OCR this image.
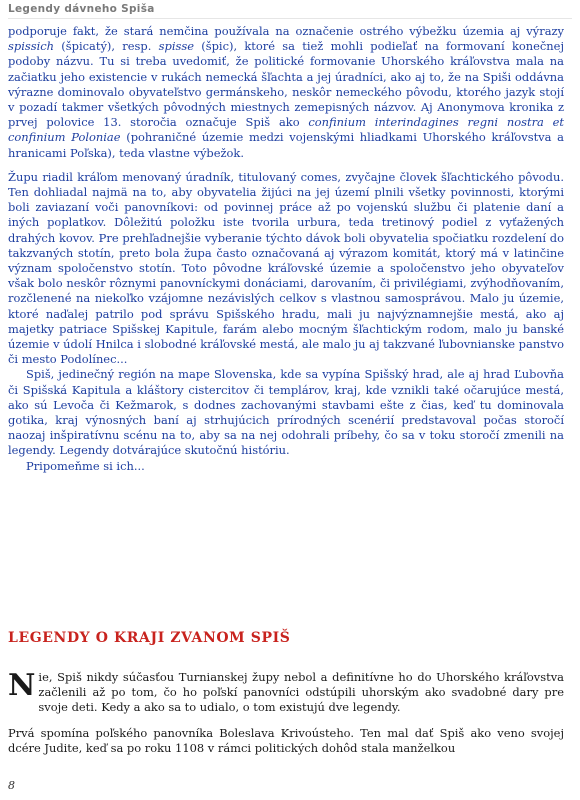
Legendy dávneho Spiša

podporuje fakt, že stará nemčina používala na označenie ostrého výbežku územia aj výrazy spissich (špicatý), resp. spisse (špic), ktoré sa tiež mohli podieľať na formovaní konečnej podoby názvu. Tu si treba uvedomiť, že politické formovanie Uhorského kráľovstva mala na začiatku jeho existencie v rukách nemecká šľachta a jej úradníci, ako aj to, že na Spiši oddávna výrazne dominovalo obyvateľstvo germánskeho, neskôr nemeckého pôvodu, ktorého jazyk stojí v pozadí takmer všetkých pôvodných miestnych zemepisných názvov. Aj Anonymova kronika z prvej polovice 13. storočia označuje Spiš ako confinium interindagines regni nostra et confinium Poloniae (pohraničné územie medzi vojenskými hliadkami Uhorského kráľovstva a hranicami Poľska), teda vlastne výbežok.

Župu riadil kráľom menovaný úradník, titulovaný comes, zvyčajne človek šľachtického pôvodu. Ten dohliadal najmä na to, aby obyvatelia žijúci na jej území plnili všetky povinnosti, ktorými boli zaviazaní voči panovníkovi: od povinnej práce až po vojenskú službu či platenie daní a iných poplatkov. Dôležitú položku iste tvorila urbura, teda tretinový podiel z vyťažených drahých kovov. Pre prehľadnejšie vyberanie týchto dávok boli obyvatelia spočiatku rozdelení do takzvaných stotín, preto bola župa často označovaná aj výrazom komitát, ktorý má v latinčine význam spoločenstvo stotín. Toto pôvodne kráľovské územie a spoločenstvo jeho obyvateľov však bolo neskôr rôznymi panovníckymi donáciami, darovaním, či privilégiami, zvýhodňovaním, rozčlenené na niekoľko vzájomne nezávislých celkov s vlastnou samosprávou. Malo ju územie, ktoré naďalej patrilo pod správu Spišského hradu, mali ju najvýznamnejšie mestá, ako aj majetky patriace Spišskej Kapitule, farám alebo mocným šľachtickým rodom, malo ju banské územie v údolí Hnilca i slobodné kráľovské mestá, ale malo ju aj takzvané ľubovnianske panstvo či mesto Podolínec...

Spiš, jedinečný región na mape Slovenska, kde sa vypína Spišský hrad, ale aj hrad Ľubovňa či Spišská Kapitula a kláštory cistercitov či templárov, kraj, kde vznikli také očarujúce mestá, ako sú Levoča či Kežmarok, s dodnes zachovanými stavbami ešte z čias, keď tu dominovala gotika, kraj výnosných baní aj strhujúcich prírodných scenérií predstavoval počas storočí naozaj inšpiratívnu scénu na to, aby sa na nej odohrali príbehy, čo sa v toku storočí zmenili na legendy. Legendy dotvárajúce skutočnú históriu.

Pripomeňme si ich...

LEGENDY O KRAJI ZVANOM SPIŠ

Nie, Spiš nikdy súčasťou Turnianskej župy nebol a definitívne ho do Uhorského kráľovstva začlenili až po tom, čo ho poľskí panovníci odstúpili uhorským ako svadobné dary pre svoje deti. Kedy a ako sa to udialo, o tom existujú dve legendy.

Prvá spomína poľského panovníka Boleslava Krivoústeho. Ten mal dať Spiš ako veno svojej dcére Judite, keď sa po roku 1108 v rámci politických dohôd stala manželkou

8
